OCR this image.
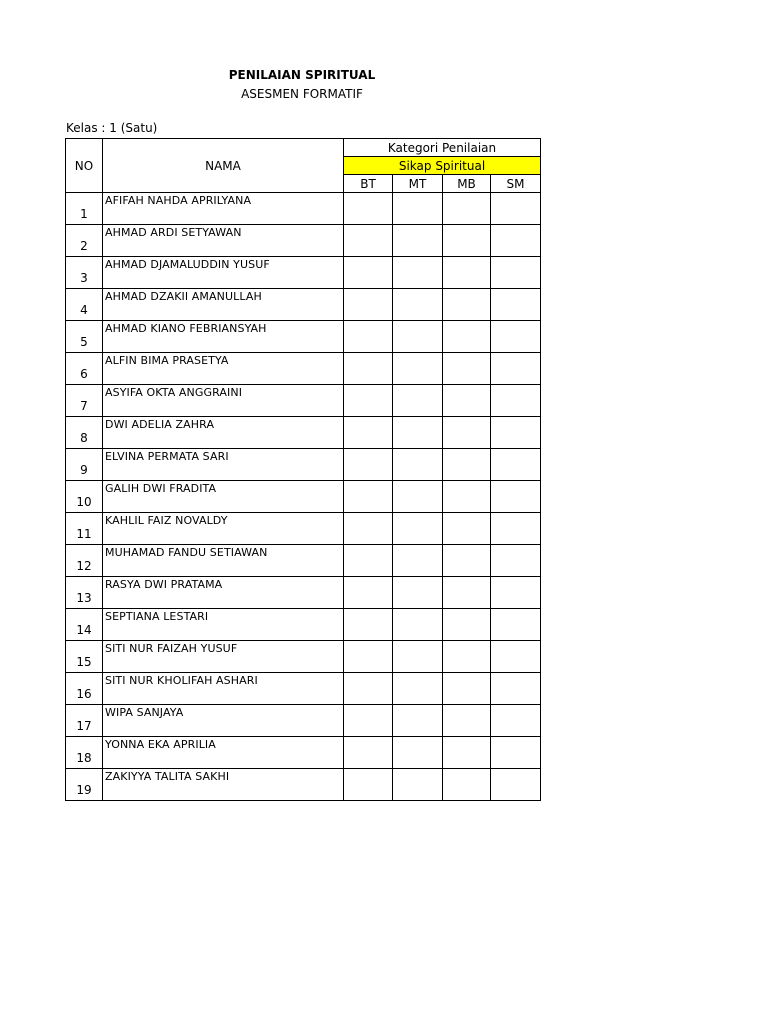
PENILAIAN SPIRITUAL
ASESMEN FORMATIF
Kelas : 1 (Satu)
NO	NAMA	Kategori Penilaian			
		Sikap Spiritual			
		BT	MT	MB	SM
1	AFIFAH NAHDA APRILYANA				
2	AHMAD ARDI SETYAWAN				
3	AHMAD DJAMALUDDIN YUSUF				
4	AHMAD DZAKII AMANULLAH				
5	AHMAD KIANO FEBRIANSYAH				
6	ALFIN BIMA PRASETYA				
7	ASYIFA OKTA ANGGRAINI				
8	DWI ADELIA ZAHRA				
9	ELVINA PERMATA SARI				
10	GALIH DWI FRADITA				
11	KAHLIL FAIZ NOVALDY				
12	MUHAMAD FANDU SETIAWAN				
13	RASYA DWI PRATAMA				
14	SEPTIANA LESTARI				
15	SITI NUR FAIZAH YUSUF				
16	SITI NUR KHOLIFAH ASHARI				
17	WIPA SANJAYA				
18	YONNA EKA APRILIA				
19	ZAKIYYA TALITA SAKHI				
